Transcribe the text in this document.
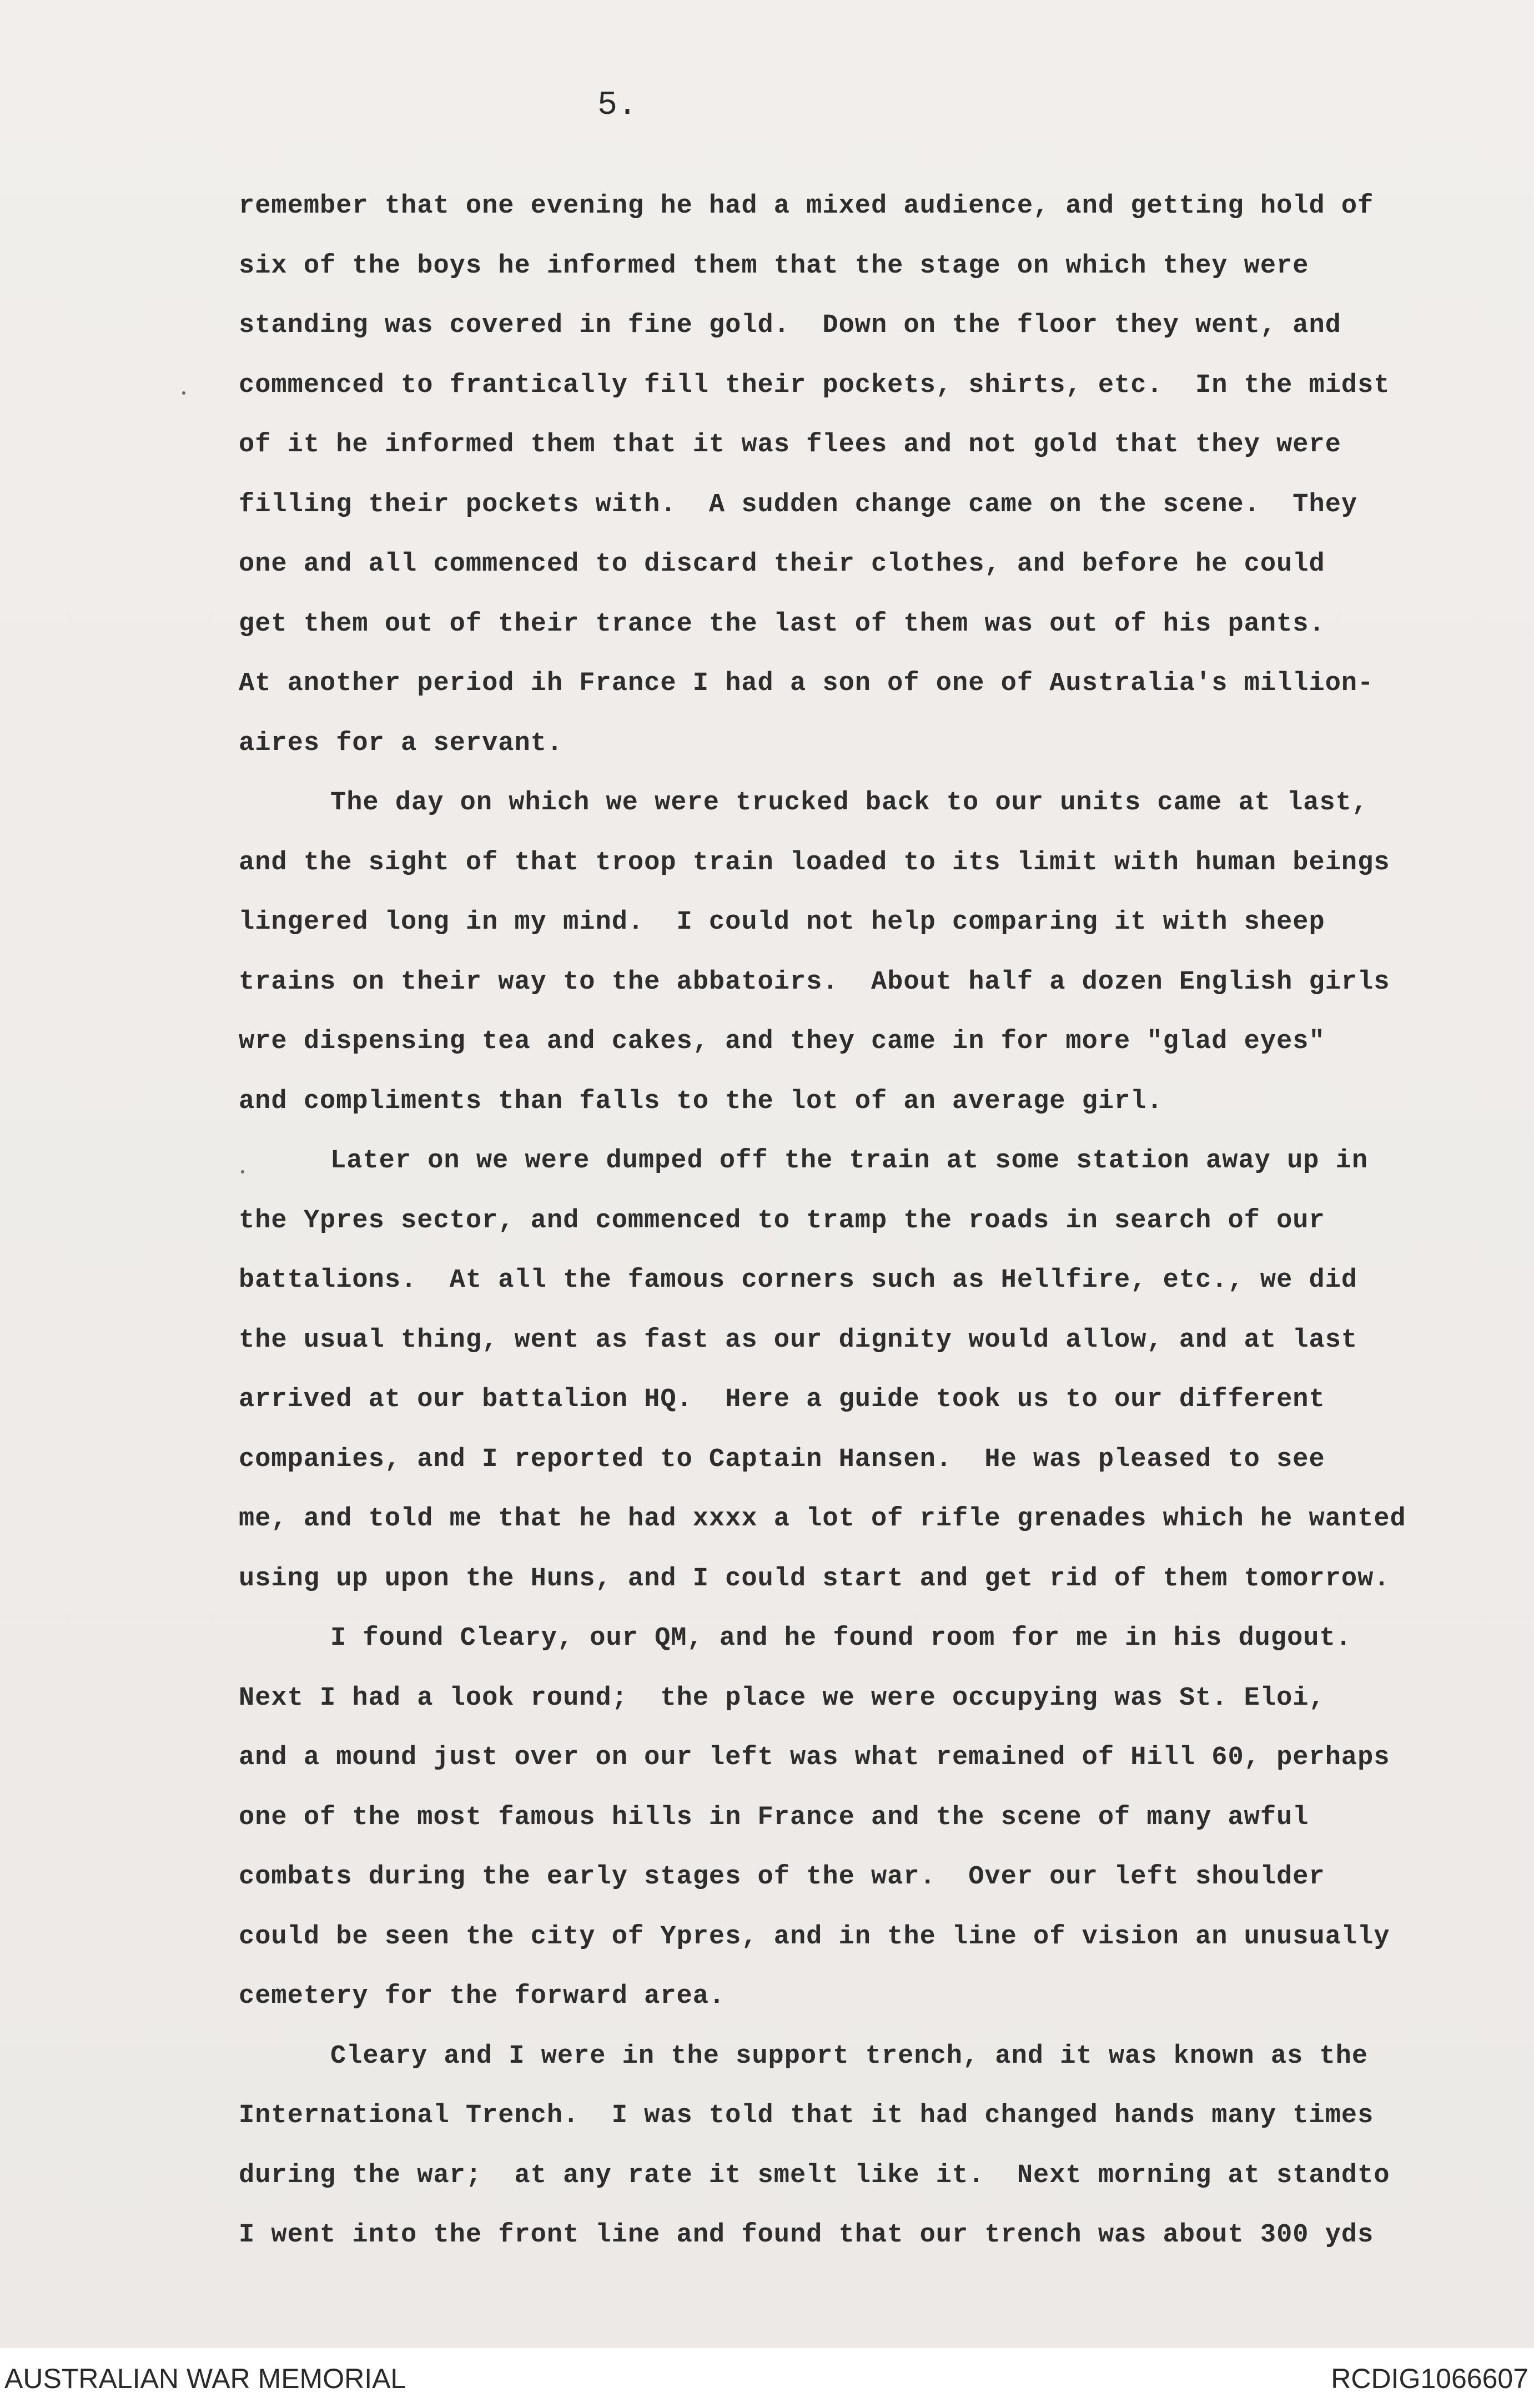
5.
remember that one evening he had a mixed audience, and getting hold of
six of the boys he informed them that the stage on which they were
standing was covered in fine gold.  Down on the floor they went, and
commenced to frantically fill their pockets, shirts, etc.  In the midst
of it he informed them that it was flees and not gold that they were
filling their pockets with.  A sudden change came on the scene.  They
one and all commenced to discard their clothes, and before he could
get them out of their trance the last of them was out of his pants.
At another period ih France I had a son of one of Australia's million-
aires for a servant.
The day on which we were trucked back to our units came at last,
and the sight of that troop train loaded to its limit with human beings
lingered long in my mind.  I could not help comparing it with sheep
trains on their way to the abbatoirs.  About half a dozen English girls
wre dispensing tea and cakes, and they came in for more "glad eyes"
and compliments than falls to the lot of an average girl.
Later on we were dumped off the train at some station away up in
the Ypres sector, and commenced to tramp the roads in search of our
battalions.  At all the famous corners such as Hellfire, etc., we did
the usual thing, went as fast as our dignity would allow, and at last
arrived at our battalion HQ.  Here a guide took us to our different
companies, and I reported to Captain Hansen.  He was pleased to see
me, and told me that he had xxxx a lot of rifle grenades which he wanted
using up upon the Huns, and I could start and get rid of them tomorrow.
I found Cleary, our QM, and he found room for me in his dugout.
Next I had a look round;  the place we were occupying was St. Eloi,
and a mound just over on our left was what remained of Hill 60, perhaps
one of the most famous hills in France and the scene of many awful
combats during the early stages of the war.  Over our left shoulder
could be seen the city of Ypres, and in the line of vision an unusually
cemetery for the forward area.
Cleary and I were in the support trench, and it was known as the
International Trench.  I was told that it had changed hands many times
during the war;  at any rate it smelt like it.  Next morning at standto
I went into the front line and found that our trench was about 300 yds
AUSTRALIAN WAR MEMORIAL	RCDIG1066607
